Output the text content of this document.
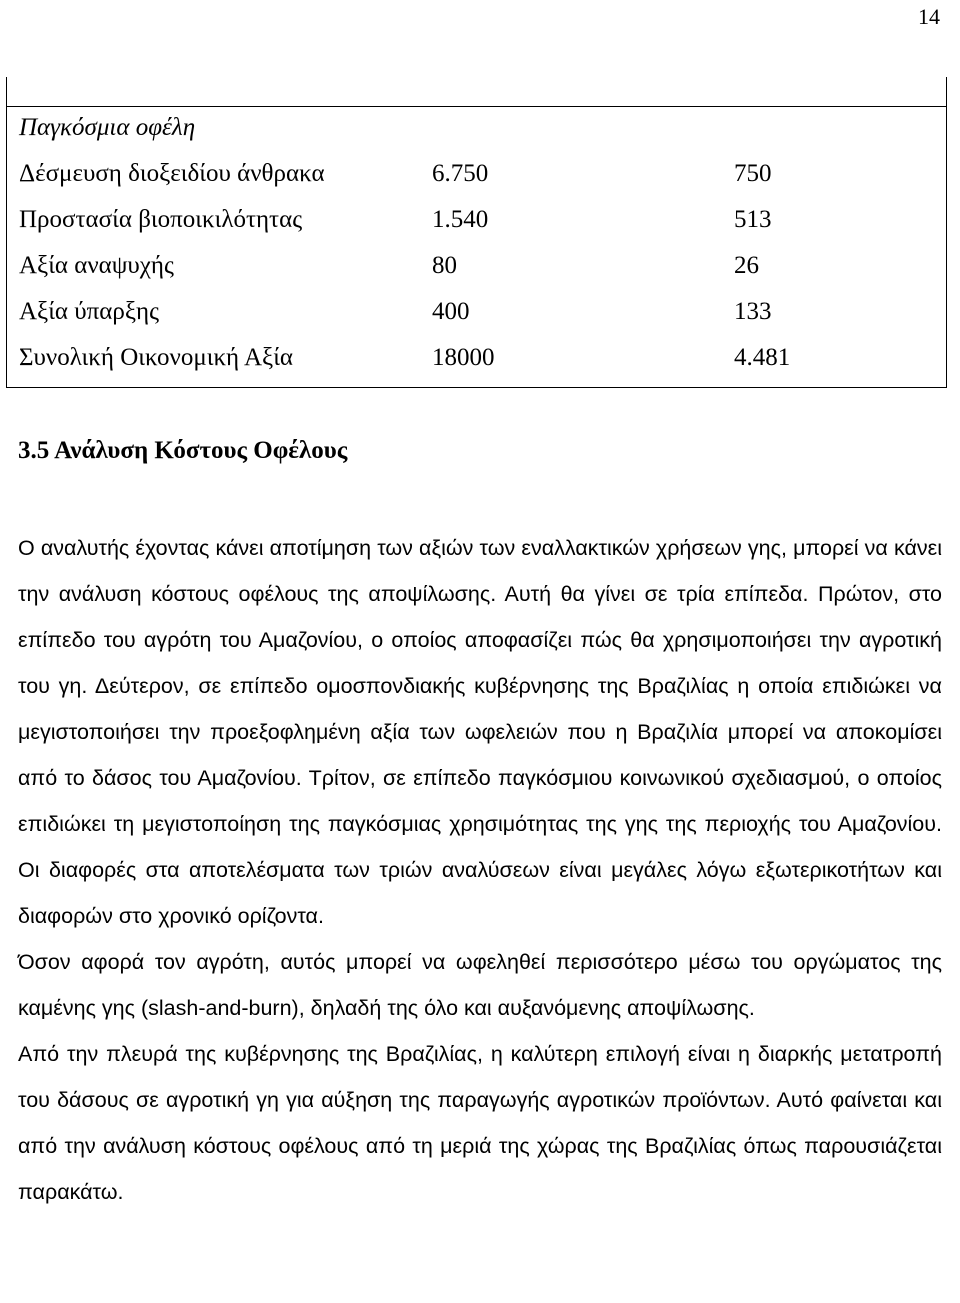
14
Παγκόσμια οφέλη
Δέσμευση διοξειδίου άνθρακα	6.750	750
Προστασία βιοποικιλότητας	1.540	513
Αξία αναψυχής	80	26
Αξία ύπαρξης	400	133
Συνολική Οικονομική Αξία	18000	4.481
3.5 Ανάλυση Κόστους Οφέλους

Ο αναλυτής έχοντας κάνει αποτίμηση των αξιών των εναλλακτικών χρήσεων γης, μπορεί να κάνει την ανάλυση κόστους οφέλους της αποψίλωσης. Αυτή θα γίνει σε τρία επίπεδα. Πρώτον, στο επίπεδο του αγρότη του Αμαζονίου, ο οποίος αποφασίζει πώς θα χρησιμοποιήσει την αγροτική του γη. Δεύτερον, σε επίπεδο ομοσπονδιακής κυβέρνησης της Βραζιλίας η οποία επιδιώκει να μεγιστοποιήσει την προεξοφλημένη αξία των ωφελειών που η Βραζιλία μπορεί να αποκομίσει από το δάσος του Αμαζονίου. Τρίτον, σε επίπεδο παγκόσμιου κοινωνικού σχεδιασμού, ο οποίος επιδιώκει τη μεγιστοποίηση της παγκόσμιας χρησιμότητας της γης της περιοχής του Αμαζονίου. Οι διαφορές στα αποτελέσματα των τριών αναλύσεων είναι μεγάλες λόγω εξωτερικοτήτων και διαφορών στο χρονικό ορίζοντα.

Όσον αφορά τον αγρότη, αυτός μπορεί να ωφεληθεί περισσότερο μέσω του οργώματος της καμένης γης (slash-and-burn), δηλαδή της όλο και αυξανόμενης αποψίλωσης.

Από την πλευρά της κυβέρνησης της Βραζιλίας, η καλύτερη επιλογή είναι η διαρκής μετατροπή του δάσους σε αγροτική γη για αύξηση της παραγωγής αγροτικών προϊόντων. Αυτό φαίνεται και από την ανάλυση κόστους οφέλους από τη μεριά της χώρας της Βραζιλίας όπως παρουσιάζεται παρακάτω.
